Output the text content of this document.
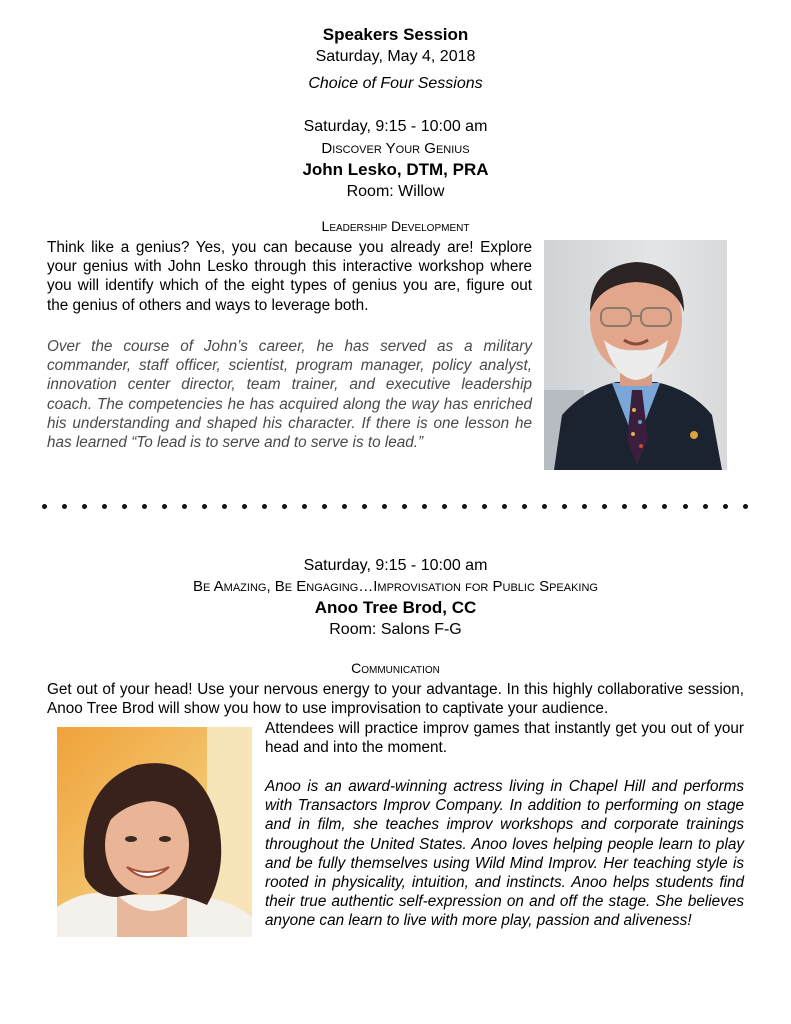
Speakers Session
Saturday, May 4, 2018
Choice of Four Sessions
Saturday, 9:15 - 10:00 am
Discover Your Genius
John Lesko, DTM, PRA
Room: Willow
Leadership Development
Think like a genius? Yes, you can because you already are! Explore your genius with John Lesko through this interactive workshop where you will identify which of the eight types of genius you are, figure out the genius of others and ways to leverage both.
Over the course of John’s career, he has served as a military commander, staff officer, scientist, program manager, policy analyst, innovation center director, team trainer, and executive leadership coach. The competencies he has acquired along the way has enriched his understanding and shaped his character. If there is one lesson he has learned “To lead is to serve and to serve is to lead.”
Saturday, 9:15 - 10:00 am
Be Amazing, Be Engaging…Improvisation for Public Speaking
Anoo Tree Brod, CC
Room: Salons F-G
Communication
Get out of your head! Use your nervous energy to your advantage. In this highly collaborative session, Anoo Tree Brod will show you how to use improvisation to captivate your audience.
Attendees will practice improv games that instantly get you out of your head and into the moment.
Anoo is an award-winning actress living in Chapel Hill and performs with Transactors Improv Company. In addition to performing on stage and in film, she teaches improv workshops and corporate trainings throughout the United States. Anoo loves helping people learn to play and be fully themselves using Wild Mind Improv. Her teaching style is rooted in physicality, intuition, and instincts. Anoo helps students find their true authentic self-expression on and off the stage. She believes anyone can learn to live with more play, passion and aliveness!
